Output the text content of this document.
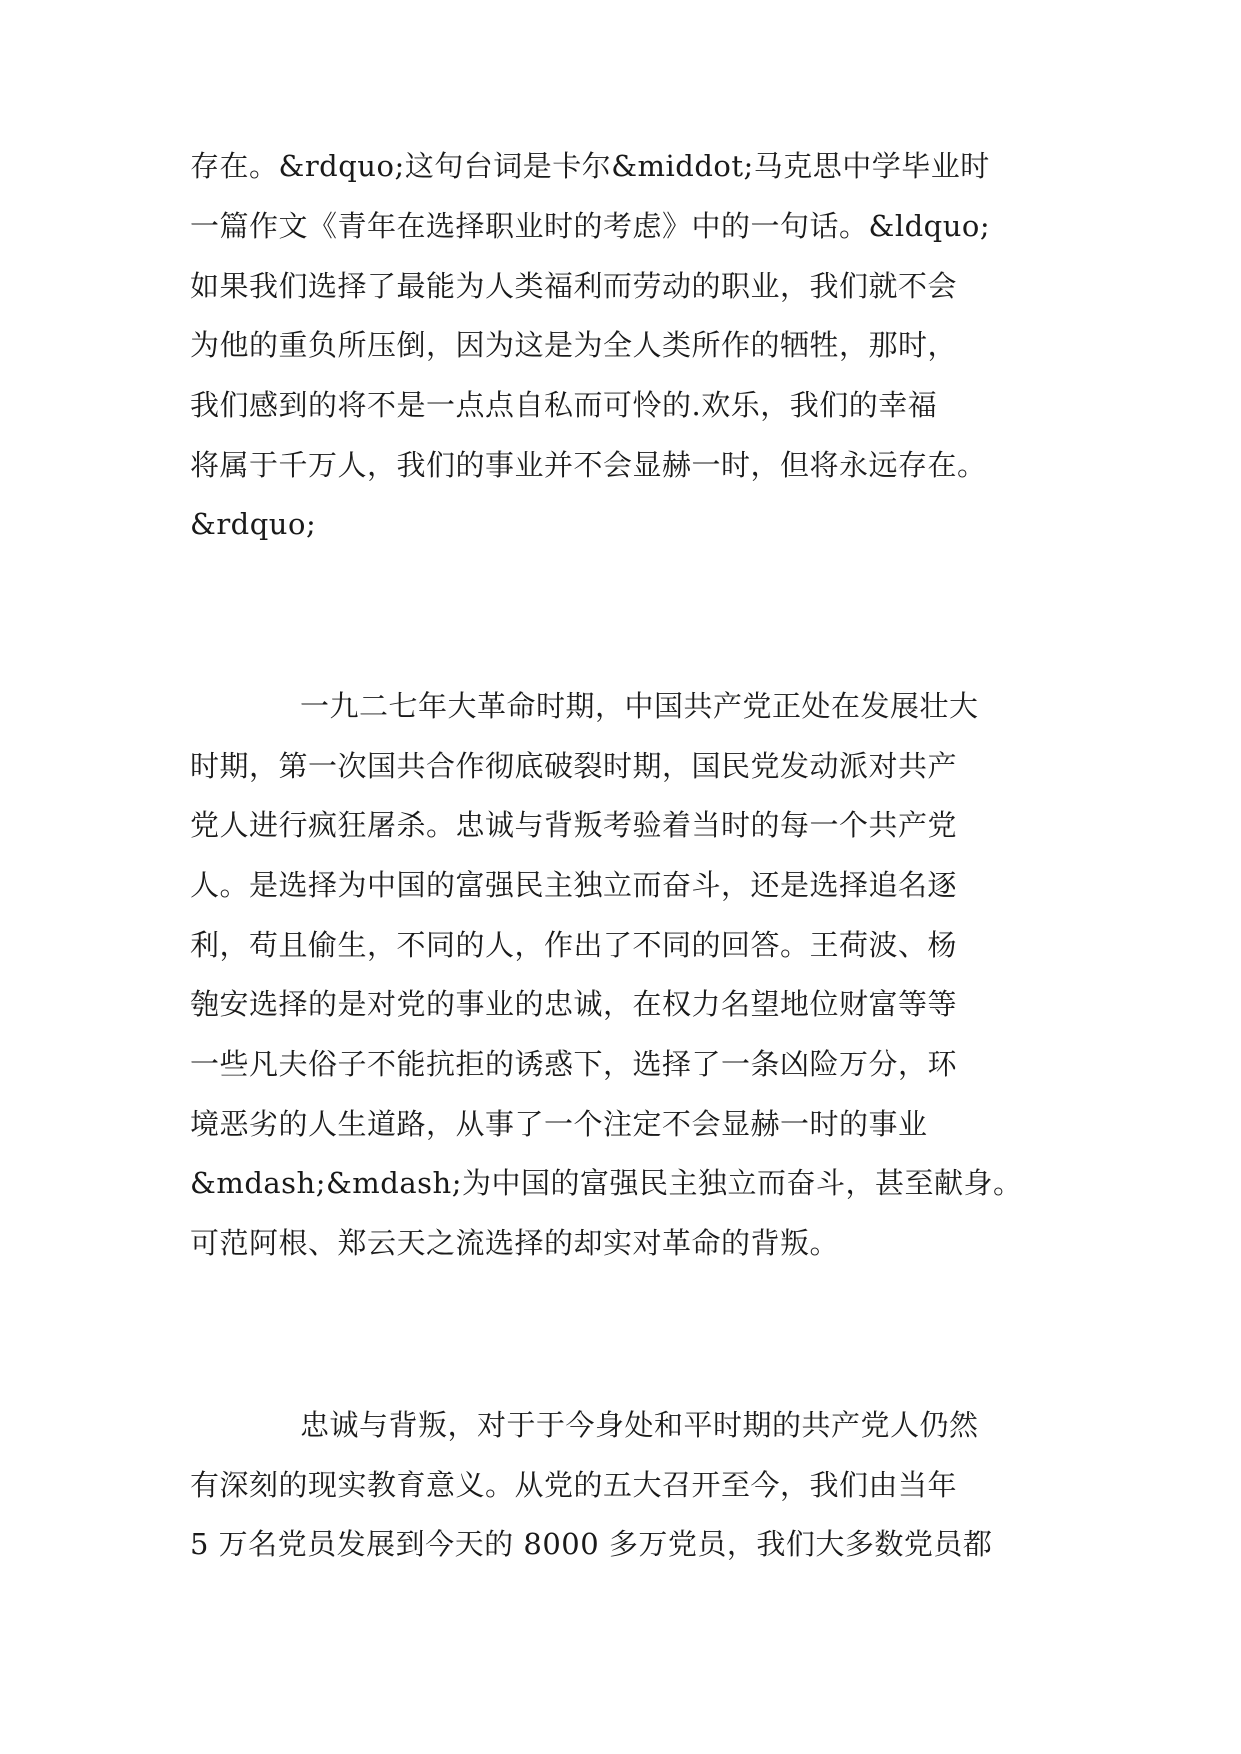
存在。&rdquo;这句台词是卡尔&middot;马克思中学毕业时
一篇作文《青年在选择职业时的考虑》中的一句话。&ldquo;
如果我们选择了最能为人类福利而劳动的职业，我们就不会
为他的重负所压倒，因为这是为全人类所作的牺牲，那时，
我们感到的将不是一点点自私而可怜的.欢乐，我们的幸福
将属于千万人，我们的事业并不会显赫一时，但将永远存在。
&rdquo;
一九二七年大革命时期，中国共产党正处在发展壮大
时期，第一次国共合作彻底破裂时期，国民党发动派对共产
党人进行疯狂屠杀。忠诚与背叛考验着当时的每一个共产党
人。是选择为中国的富强民主独立而奋斗，还是选择追名逐
利，苟且偷生，不同的人，作出了不同的回答。王荷波、杨
匏安选择的是对党的事业的忠诚，在权力名望地位财富等等
一些凡夫俗子不能抗拒的诱惑下，选择了一条凶险万分，环
境恶劣的人生道路，从事了一个注定不会显赫一时的事业
&mdash;&mdash;为中国的富强民主独立而奋斗，甚至献身。
可范阿根、郑云天之流选择的却实对革命的背叛。
忠诚与背叛，对于于今身处和平时期的共产党人仍然
有深刻的现实教育意义。从党的五大召开至今，我们由当年
5 万名党员发展到今天的 8000 多万党员，我们大多数党员都
